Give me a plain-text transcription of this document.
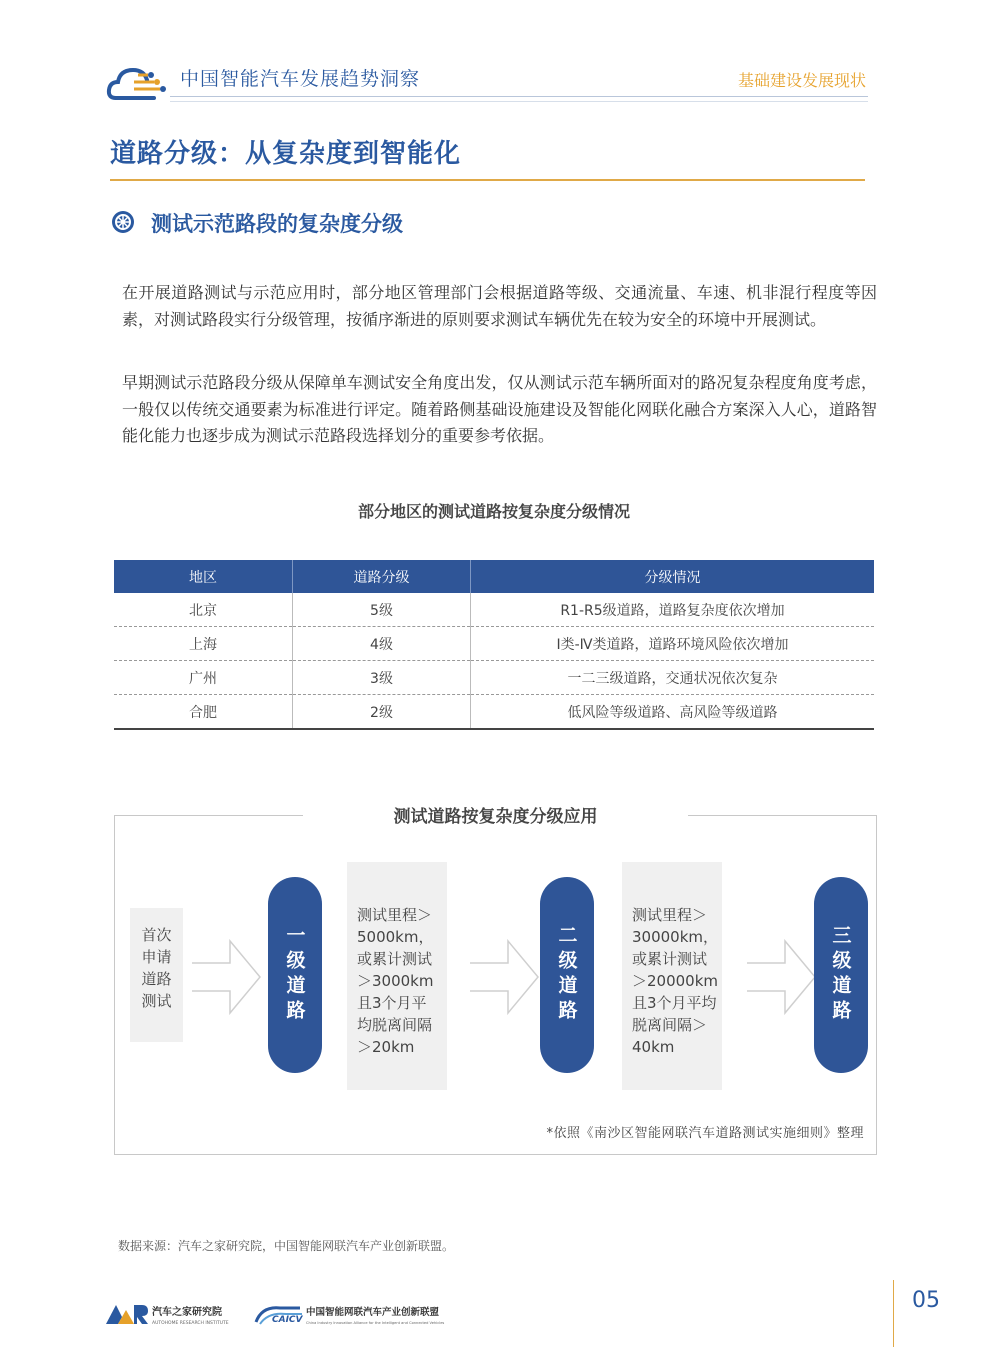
中国智能汽车发展趋势洞察	基础建设发展现状
道路分级：从复杂度到智能化
测试示范路段的复杂度分级
在开展道路测试与示范应用时，部分地区管理部门会根据道路等级、交通流量、车速、机非混行程度等因素，对测试路段实行分级管理，按循序渐进的原则要求测试车辆优先在较为安全的环境中开展测试。
早期测试示范路段分级从保障单车测试安全角度出发，仅从测试示范车辆所面对的路况复杂程度角度考虑，一般仅以传统交通要素为标准进行评定。随着路侧基础设施建设及智能化网联化融合方案深入人心，道路智能化能力也逐步成为测试示范路段选择划分的重要参考依据。
部分地区的测试道路按复杂度分级情况
地区	道路分级	分级情况
北京	5级	R1-R5级道路，道路复杂度依次增加
上海	4级	Ⅰ类-Ⅳ类道路，道路环境风险依次增加
广州	3级	一二三级道路，交通状况依次复杂
合肥	2级	低风险等级道路、高风险等级道路
测试道路按复杂度分级应用
首次
申请
道路
测试	一级道路
测试里程＞
5000km，
或累计测试
＞3000km
且3个月平
均脱离间隔
＞20km
二级道路
测试里程＞
30000km，
或累计测试
＞20000km
且3个月平均
脱离间隔＞
40km
三级道路
*依照《南沙区智能网联汽车道路测试实施细则》整理
数据来源：汽车之家研究院，中国智能网联汽车产业创新联盟。
汽车之家研究院
AUTOHOME RESEARCH INSTITUTE	CAICV
中国智能网联汽车产业创新联盟
China Industry Innovation Alliance for the Intelligent and Connected Vehicles
05
